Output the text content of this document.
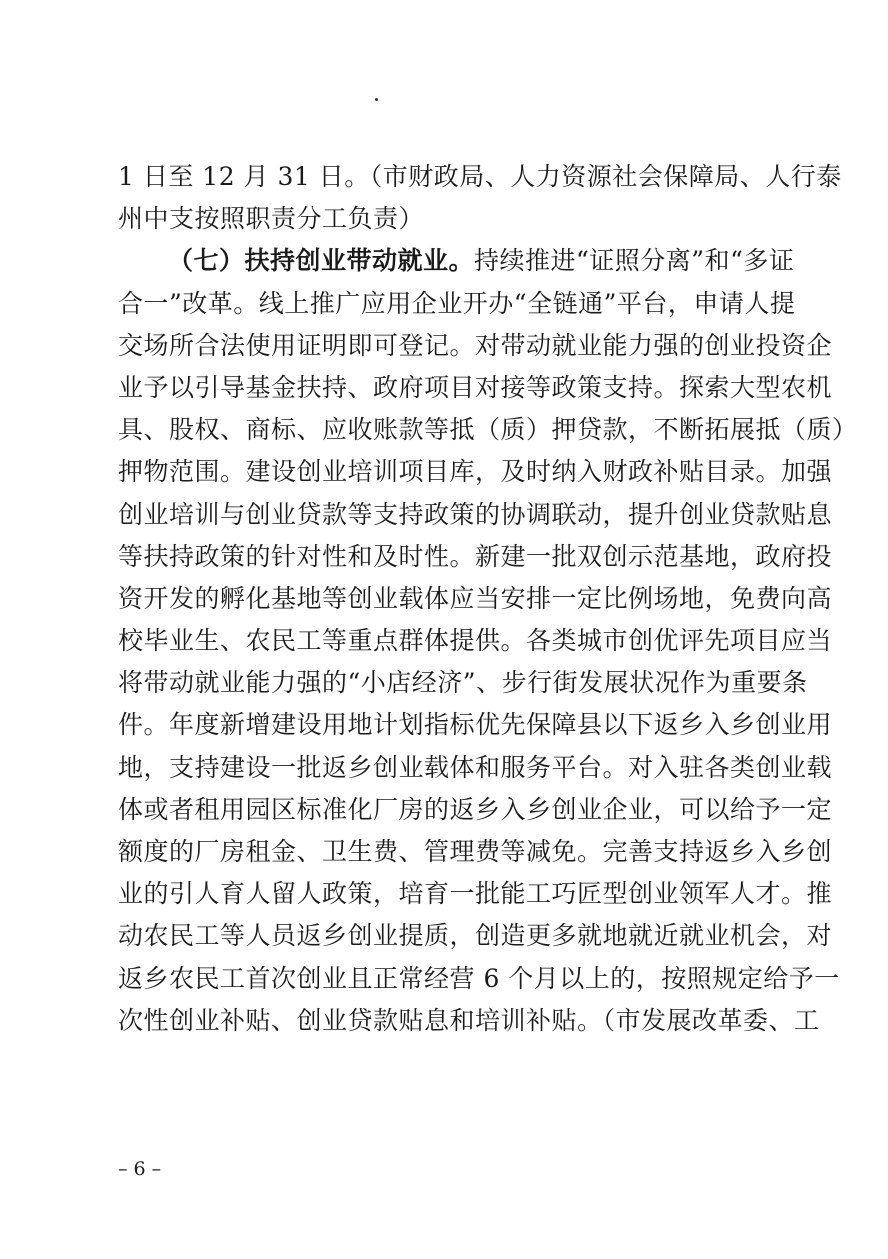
1 日至 12 月 31 日。（市财政局、人力资源社会保障局、人行泰
州中支按照职责分工负责）
（七）扶持创业带动就业。持续推进“证照分离”和“多证
合一”改革。线上推广应用企业开办“全链通”平台，申请人提
交场所合法使用证明即可登记。对带动就业能力强的创业投资企
业予以引导基金扶持、政府项目对接等政策支持。探索大型农机
具、股权、商标、应收账款等抵（质）押贷款，不断拓展抵（质）
押物范围。建设创业培训项目库，及时纳入财政补贴目录。加强
创业培训与创业贷款等支持政策的协调联动，提升创业贷款贴息
等扶持政策的针对性和及时性。新建一批双创示范基地，政府投
资开发的孵化基地等创业载体应当安排一定比例场地，免费向高
校毕业生、农民工等重点群体提供。各类城市创优评先项目应当
将带动就业能力强的“小店经济”、步行街发展状况作为重要条
件。年度新增建设用地计划指标优先保障县以下返乡入乡创业用
地，支持建设一批返乡创业载体和服务平台。对入驻各类创业载
体或者租用园区标准化厂房的返乡入乡创业企业，可以给予一定
额度的厂房租金、卫生费、管理费等减免。完善支持返乡入乡创
业的引人育人留人政策，培育一批能工巧匠型创业领军人才。推
动农民工等人员返乡创业提质，创造更多就地就近就业机会，对
返乡农民工首次创业且正常经营 6 个月以上的，按照规定给予一
次性创业补贴、创业贷款贴息和培训补贴。（市发展改革委、工
– 6 –
